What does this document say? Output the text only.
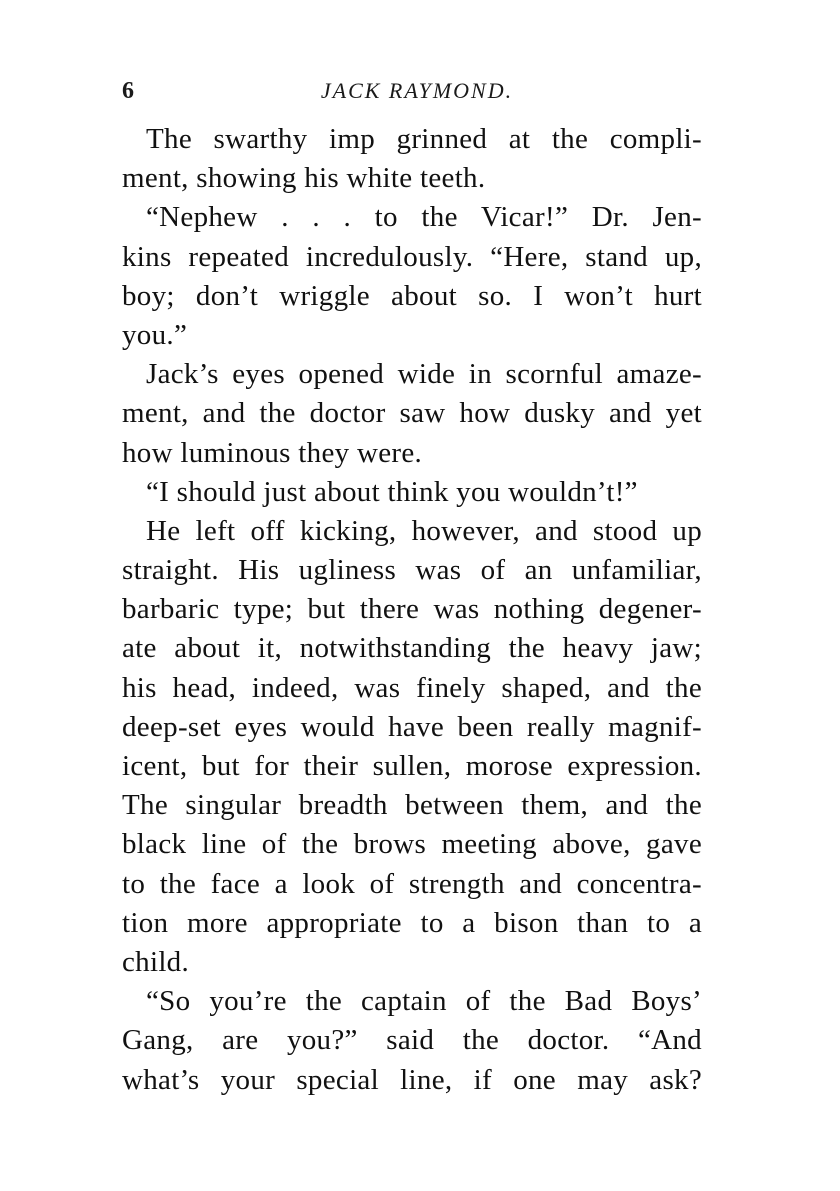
6	JACK RAYMOND.
The swarthy imp grinned at the compli-
ment, showing his white teeth.
“Nephew . . . to the Vicar!” Dr. Jen-
kins repeated incredulously. “Here, stand up,
boy; don’t wriggle about so. I won’t hurt
you.”
Jack’s eyes opened wide in scornful amaze-
ment, and the doctor saw how dusky and yet
how luminous they were.
“I should just about think you wouldn’t!”
He left off kicking, however, and stood up
straight. His ugliness was of an unfamiliar,
barbaric type; but there was nothing degener-
ate about it, notwithstanding the heavy jaw;
his head, indeed, was finely shaped, and the
deep-set eyes would have been really magnif-
icent, but for their sullen, morose expression.
The singular breadth between them, and the
black line of the brows meeting above, gave
to the face a look of strength and concentra-
tion more appropriate to a bison than to a
child.
“So you’re the captain of the Bad Boys’
Gang, are you?” said the doctor. “And
what’s your special line, if one may ask?
